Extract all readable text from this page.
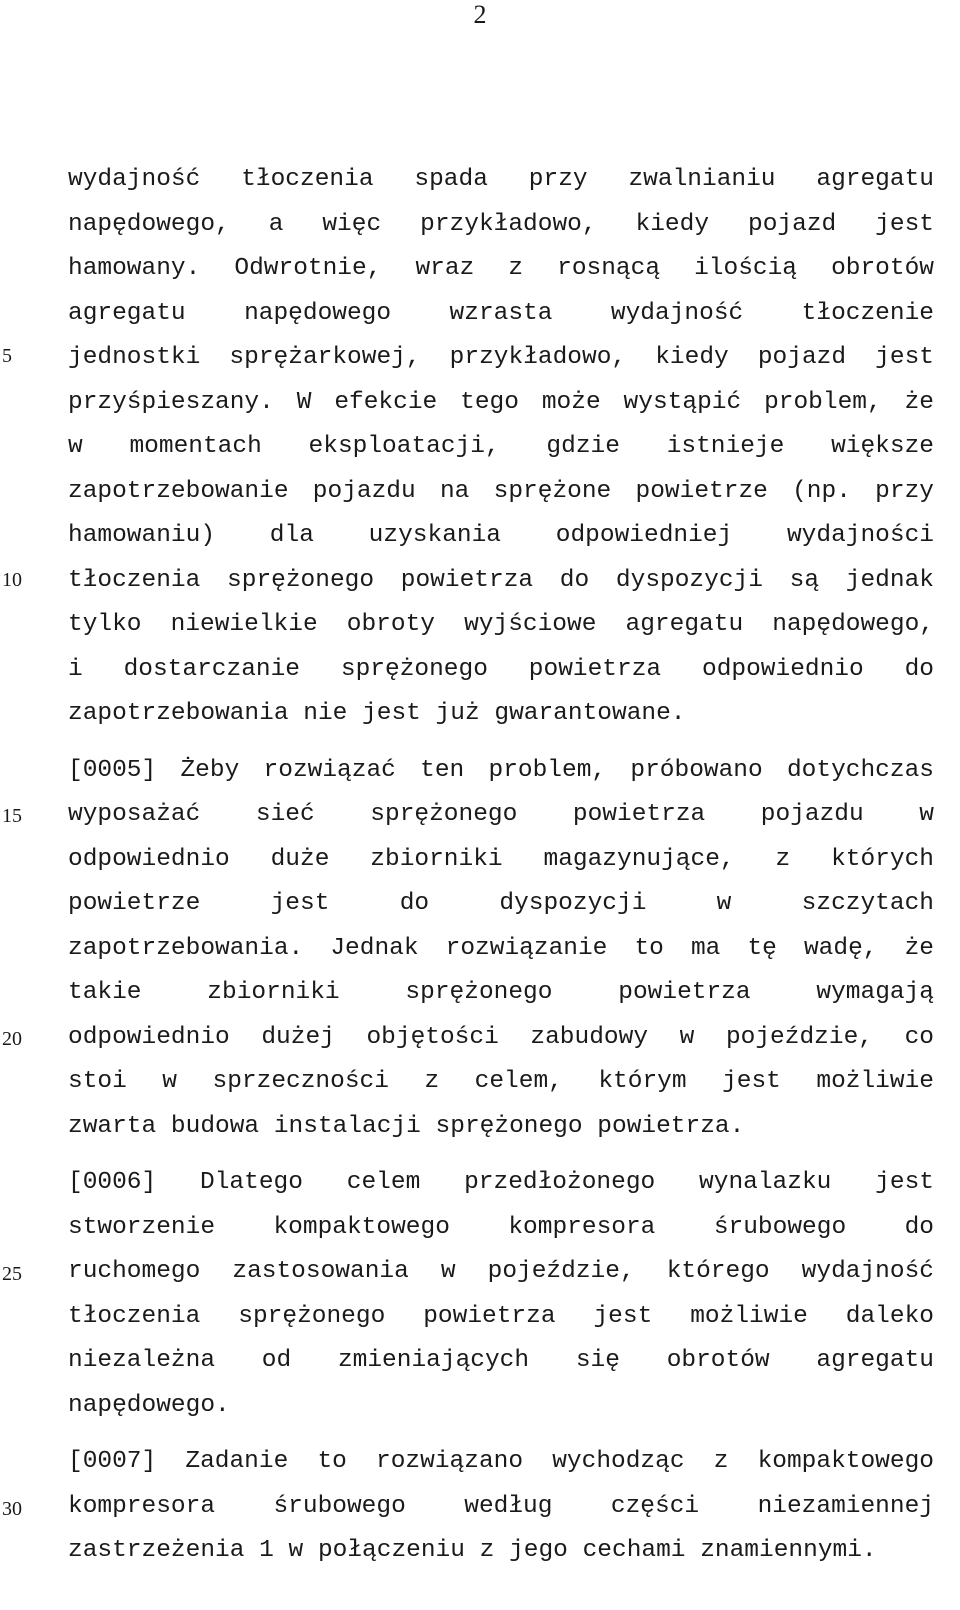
2
5
10
15
20
25
30
wydajność tłoczenia spada przy zwalnianiu agregatu
napędowego, a więc przykładowo, kiedy pojazd jest
hamowany. Odwrotnie, wraz z rosnącą ilością obrotów
agregatu napędowego wzrasta wydajność tłoczenie
jednostki sprężarkowej, przykładowo, kiedy pojazd jest
przyśpieszany. W efekcie tego może wystąpić problem, że
w momentach eksploatacji, gdzie istnieje większe
zapotrzebowanie pojazdu na sprężone powietrze (np. przy
hamowaniu) dla uzyskania odpowiedniej wydajności
tłoczenia sprężonego powietrza do dyspozycji są jednak
tylko niewielkie obroty wyjściowe agregatu napędowego,
i dostarczanie sprężonego powietrza odpowiednio do
zapotrzebowania nie jest już gwarantowane.
[0005] Żeby rozwiązać ten problem, próbowano dotychczas
wyposażać sieć sprężonego powietrza pojazdu w
odpowiednio duże zbiorniki magazynujące, z których
powietrze jest do dyspozycji w szczytach
zapotrzebowania. Jednak rozwiązanie to ma tę wadę, że
takie zbiorniki sprężonego powietrza wymagają
odpowiednio dużej objętości zabudowy w pojeździe, co
stoi w sprzeczności z celem, którym jest możliwie
zwarta budowa instalacji sprężonego powietrza.
[0006] Dlatego celem przedłożonego wynalazku jest
stworzenie kompaktowego kompresora śrubowego do
ruchomego zastosowania w pojeździe, którego wydajność
tłoczenia sprężonego powietrza jest możliwie daleko
niezależna od zmieniających się obrotów agregatu
napędowego.
[0007] Zadanie to rozwiązano wychodząc z kompaktowego
kompresora śrubowego według części niezamiennej
zastrzeżenia 1 w połączeniu z jego cechami znamiennymi.
